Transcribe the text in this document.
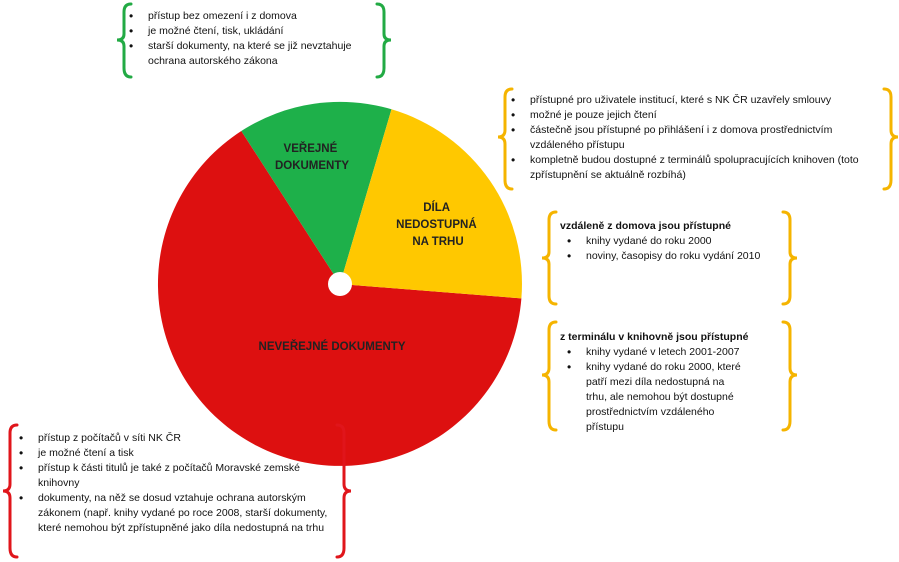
VEŘEJNÉ DOKUMENTY
DÍLA NEDOSTUPNÁ NA TRHU
NEVEŘEJNÉ DOKUMENTY
• přístup bez omezení i z domova
• je možné čtení, tisk, ukládání
• starší dokumenty, na které se již nevztahuje ochrana autorského zákona
• přístupné pro uživatele institucí, které s NK ČR uzavřely smlouvy
• možné je pouze jejich čtení
• částečně jsou přístupné po přihlášení i z domova prostřednictvím vzdáleného přístupu
• kompletně budou dostupné z terminálů spolupracujících knihoven (toto zpřístupnění se aktuálně rozbíhá)
vzdáleně z domova jsou přístupné
• knihy vydané do roku 2000
• noviny, časopisy do roku vydání 2010
z terminálu v knihovně jsou přístupné
• knihy vydané v letech 2001-2007
• knihy vydané do roku 2000, které patří mezi díla nedostupná na trhu, ale nemohou být dostupné prostřednictvím vzdáleného přístupu
• přístup z počítačů v síti NK ČR
• je možné čtení a tisk
• přístup k části titulů je také z počítačů Moravské zemské knihovny
• dokumenty, na něž se dosud vztahuje ochrana autorským zákonem (např. knihy vydané po roce 2008, starší dokumenty, které nemohou být zpřístupněné jako díla nedostupná na trhu
